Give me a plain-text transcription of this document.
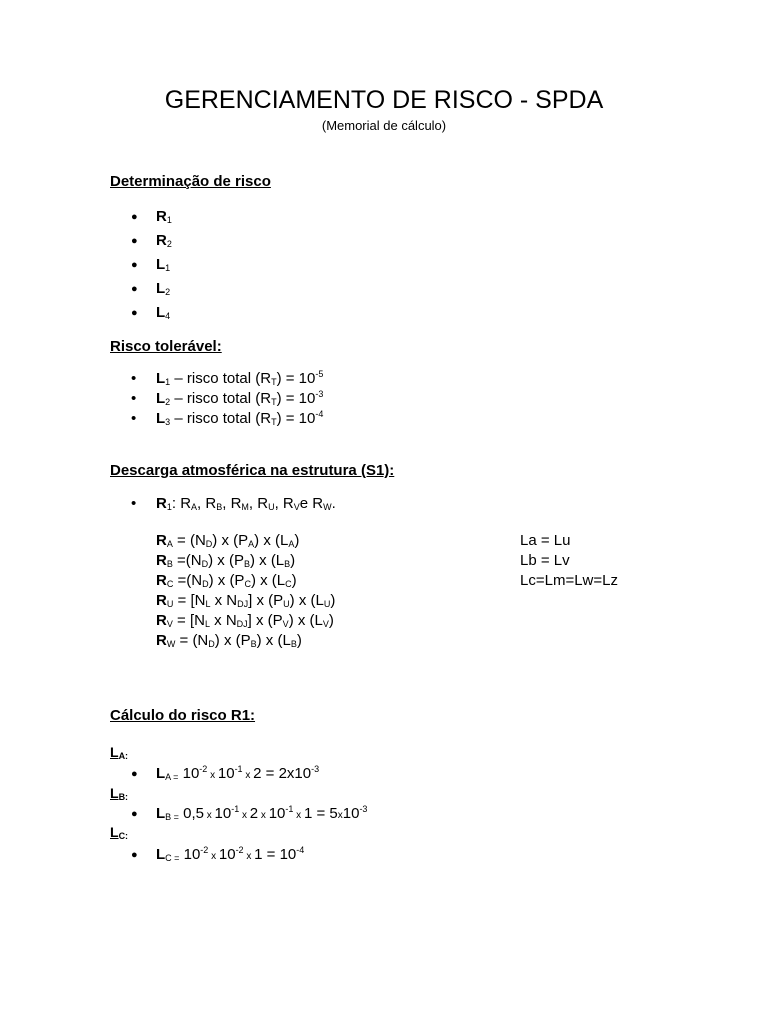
GERENCIAMENTO DE RISCO - SPDA
(Memorial de cálculo)
Determinação de risco
● $R_1$
● $R_2$
● $L_1$
● $L_2$
● $L_4$
Risco tolerável:
• $L_1$ – risco total $(R_T) = 10^{-5}$
• $L_2$ – risco total $(R_T) = 10^{-3}$
• $L_3$ – risco total $(R_T) = 10^{-4}$
Descarga atmosférica na estrutura (S1):
• $R_1$: $R_A$, $R_B$, $R_M$, $R_U$, $R_Ve$ $R_W$.
$R_A = (N_D)$ x $(P_A)$ x $(L_A)$
$R_B =(N_D)$ x $(P_B)$ x $(L_B)$
$R_C =(N_D)$ x $(P_C)$ x $(L_C)$
$R_U = [N_L$ x $N_{DJ}$] x $(P_U)$ x $(L_U)$
$R_V = [N_L$ x $N_{DJ}$] x $(P_V)$ x $(L_V)$
$R_W = (N_D)$ x $(P_B)$ x $(L_B)$
La = Lu
Lb = Lv
Lc=Lm=Lw=Lz
Cálculo do risco R1:
$L_{A:}$
● $L_{A =}$ $10^{-2}$ x $10^{-1}$ x $2 = 2x10^{-3}$
$L_{B:}$
● $L_{B =}$ 0,5 x $10^{-1}$ x 2 x $10^{-1}$ x $1 = 5x10^{-3}$
$L_{C:}$
● $L_{C =}$ $10^{-2}$ x $10^{-2}$ x $1 = 10^{-4}$
